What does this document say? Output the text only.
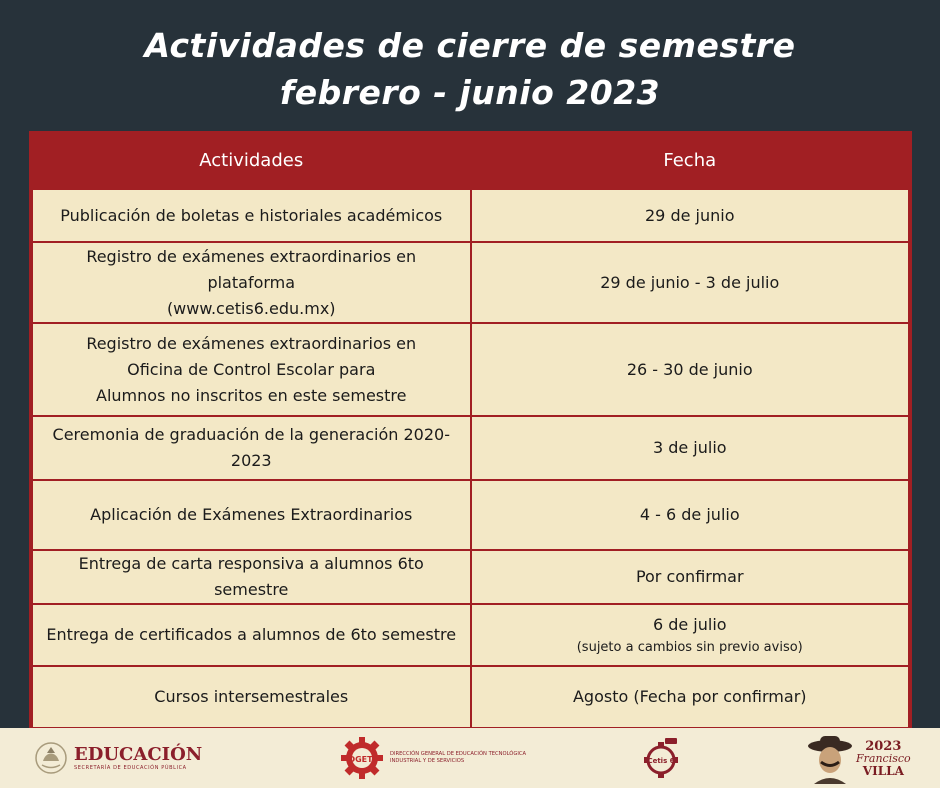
Actividades de cierre de semestre
febrero - junio 2023
Actividades	Fecha
Publicación de boletas e historiales académicos	29 de junio
Registro de exámenes extraordinarios en plataforma
(www.cetis6.edu.mx)	29 de junio - 3 de julio
Registro de exámenes extraordinarios en
Oficina de Control Escolar para
Alumnos no inscritos en este semestre	26 - 30 de junio
Ceremonia de graduación de la generación 2020-2023	3 de julio
Aplicación de Exámenes Extraordinarios	4 - 6 de julio
Entrega de carta responsiva a alumnos 6to semestre	Por confirmar
Entrega de certificados a alumnos de 6to semestre	6 de julio
(sujeto a cambios sin previo aviso)

Cursos intersemestrales	Agosto (Fecha por confirmar)
EDUCACIÓN
SECRETARÍA DE EDUCACIÓN PÚBLICA
DGETI
DIRECCIÓN GENERAL DE EDUCACIÓN TECNOLÓGICA INDUSTRIAL Y DE SERVICIOS	Cetis 6
2023
Francisco
VILLA
